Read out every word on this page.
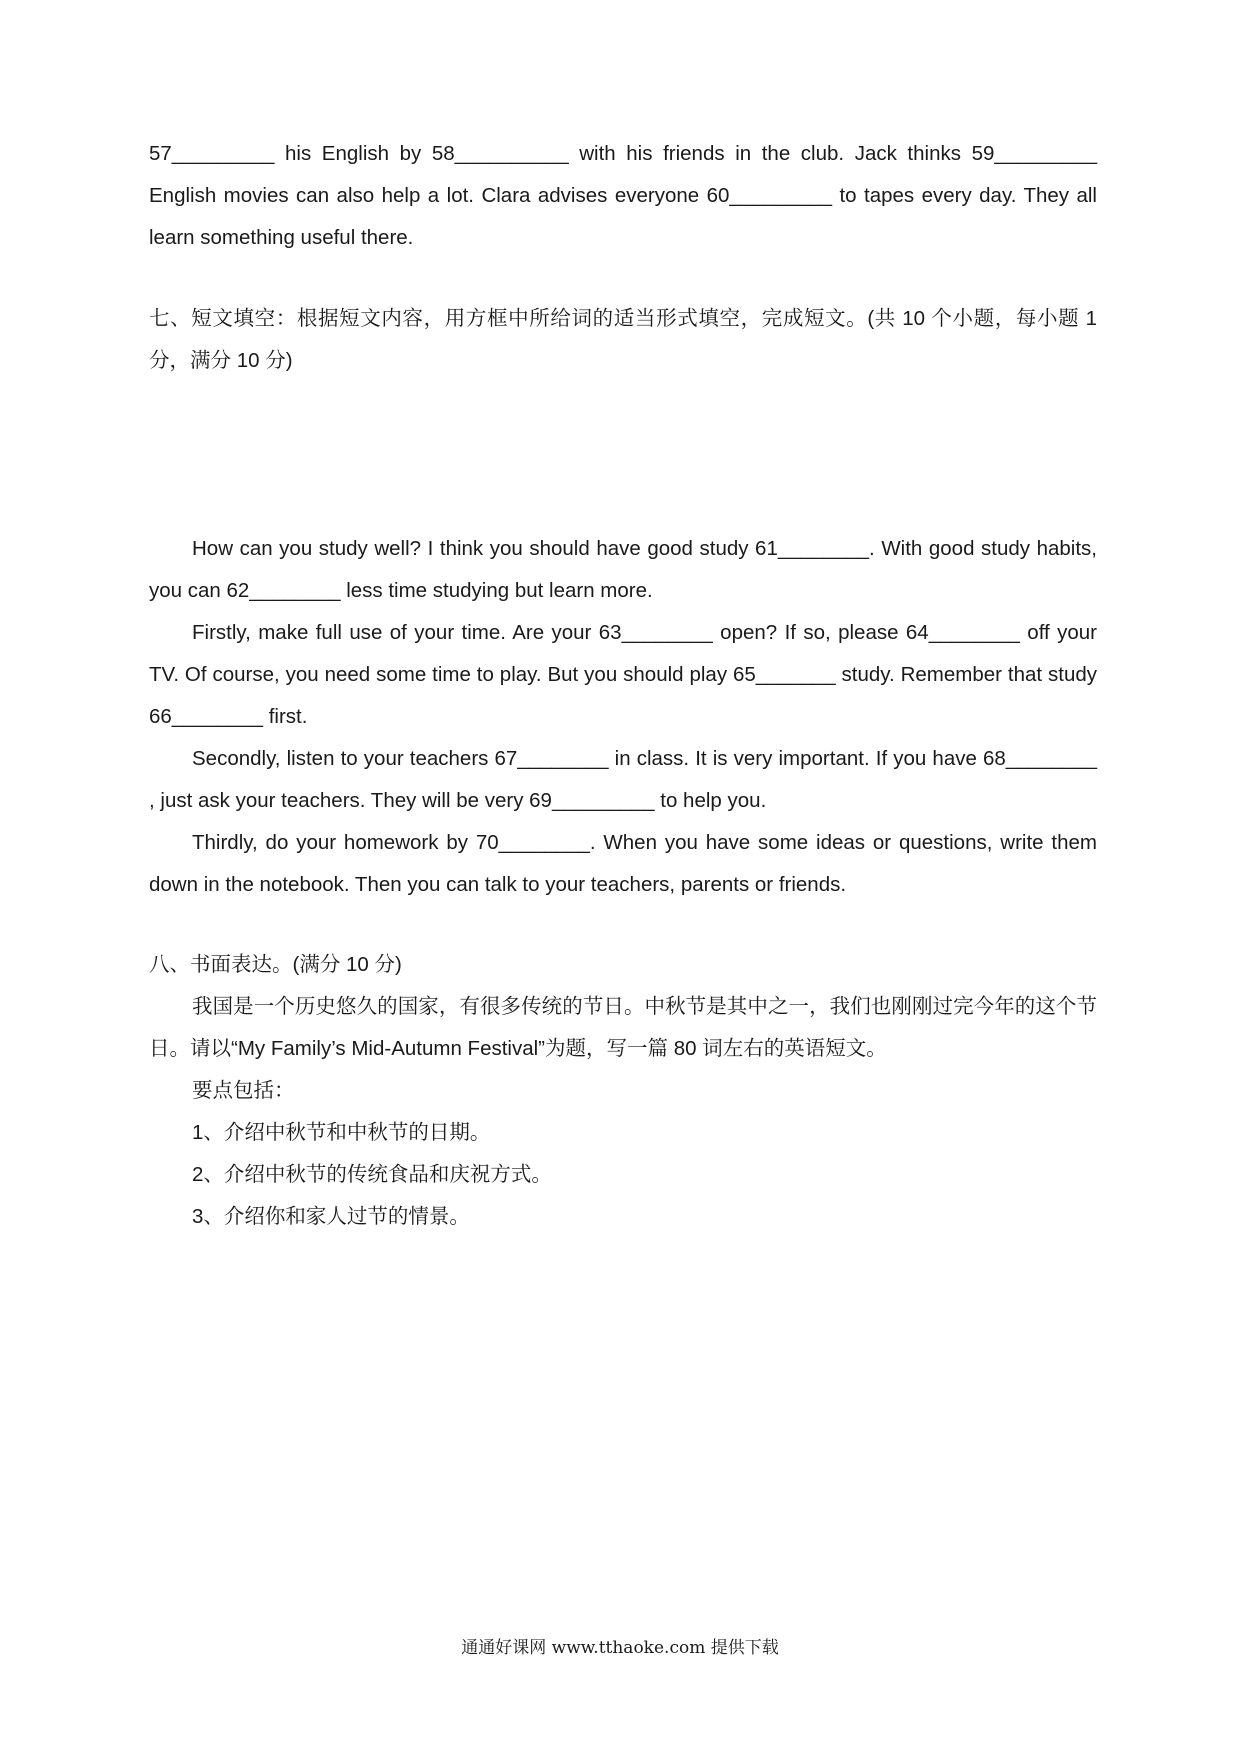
57_________ his English by 58__________ with his friends in the club. Jack thinks 59_________ English movies can also help a lot. Clara advises everyone 60_________ to tapes every day. They all learn something useful there.

七、短文填空：根据短文内容，用方框中所给词的适当形式填空，完成短文。(共 10 个小题，每小题 1 分，满分 10 分)

How can you study well? I think you should have good study 61________. With good study habits, you can 62________ less time studying but learn more.

Firstly, make full use of your time. Are your 63________ open? If so, please 64________ off your TV. Of course, you need some time to play. But you should play 65_______ study. Remember that study 66________ first.

Secondly, listen to your teachers 67________ in class. It is very important. If you have 68________ , just ask your teachers. They will be very 69_________ to help you.

Thirdly, do your homework by 70________. When you have some ideas or questions, write them down in the notebook. Then you can talk to your teachers, parents or friends.

八、书面表达。(满分 10 分)

我国是一个历史悠久的国家，有很多传统的节日。中秋节是其中之一，我们也刚刚过完今年的这个节日。请以“My Family’s Mid-Autumn Festival”为题，写一篇 80 词左右的英语短文。

要点包括：

1、介绍中秋节和中秋节的日期。

2、介绍中秋节的传统食品和庆祝方式。

3、介绍你和家人过节的情景。

通通好课网 www.tthaoke.com 提供下载
